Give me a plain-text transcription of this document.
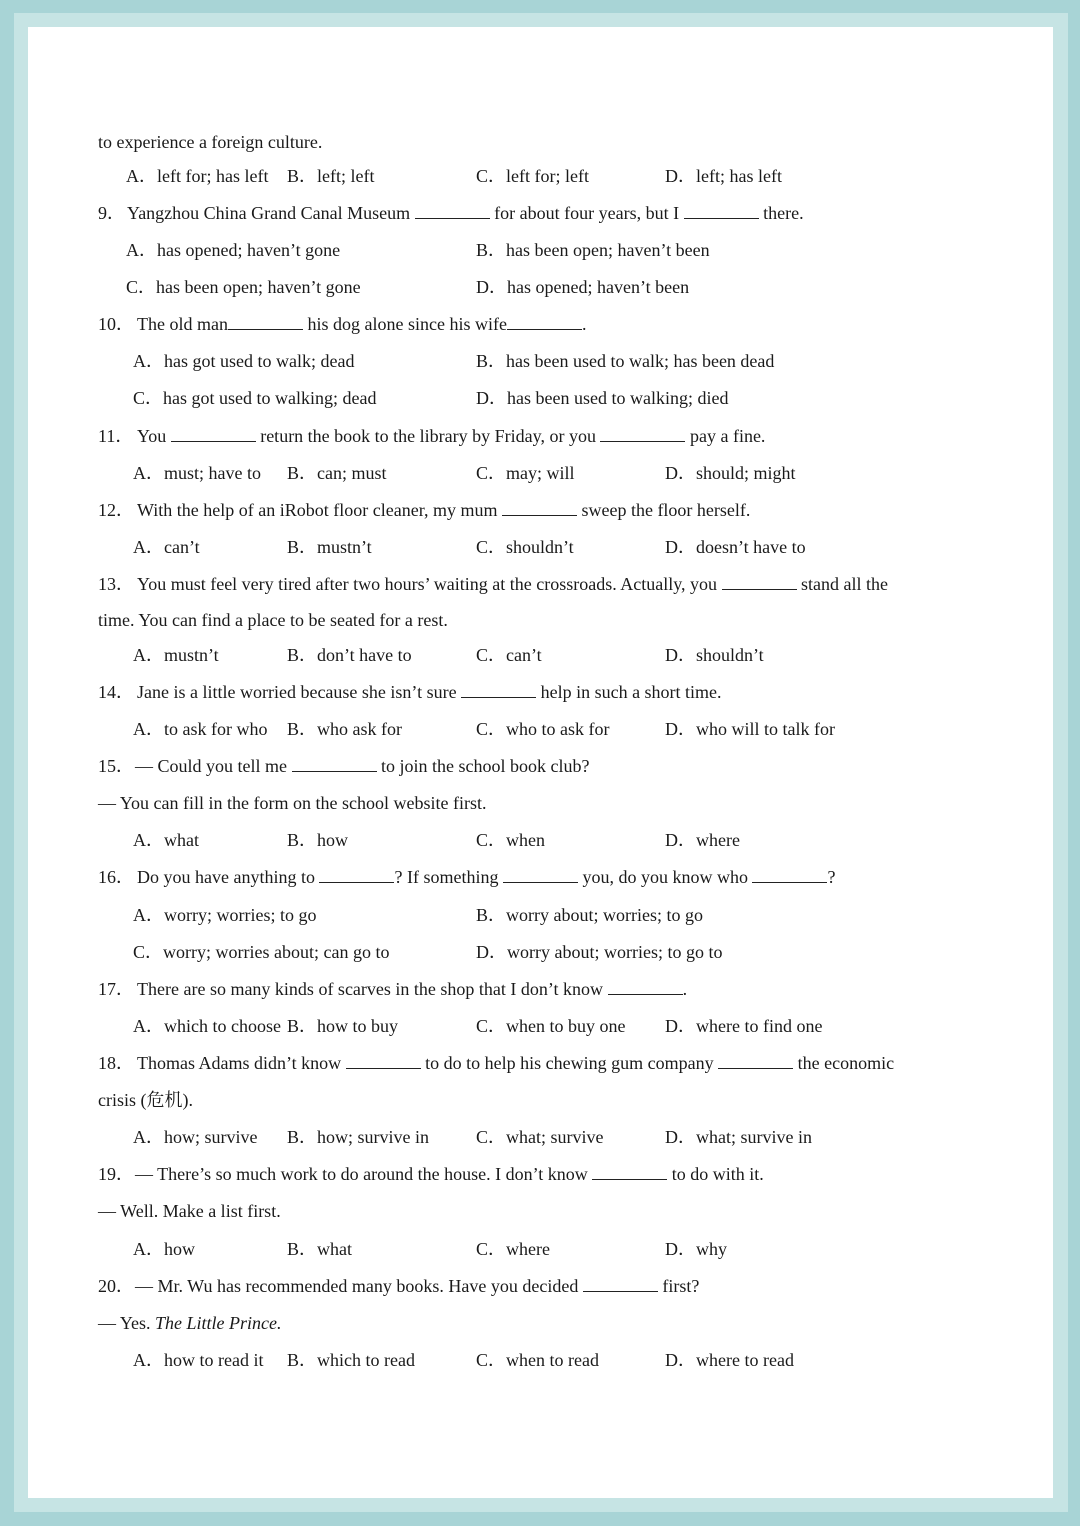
to experience a foreign culture.
A．left for; has left B．left; left	C．left for; left	D．left; has left
9． Yangzhou China Grand Canal Museum	for about four years, but I	there.
A．has opened; haven’t gone	B．has been open; haven’t been
C．has been open; haven’t gone	D．has opened; haven’t been
10． The old man	his dog alone since his wife	.
A．has got used to walk; dead	B．has been used to walk; has been dead
C．has got used to walking; dead	D．has been used to walking; died
11． You	return the book to the library by Friday, or you	pay a fine.
A．must; have to B．can; must	C．may; will	D．should; might
12． With the help of an iRobot floor cleaner, my mum	sweep the floor herself.
A．can’t	B．mustn’t	C．shouldn’t	D．doesn’t have to
13． You must feel very tired after two hours’ waiting at the crossroads. Actually, you	stand all the
time. You can find a place to be seated for a rest.
A．mustn’t	B．don’t have to	C．can’t	D．shouldn’t
14． Jane is a little worried because she isn’t sure	help in such a short time.
A．to ask for who B．who ask for	C．who to ask for	D．who will to talk for
15． — Could you tell me	to join the school book club?
— You can fill in the form on the school website first.
A．what	B．how	C．when	D．where
16． Do you have anything to	? If something	you, do you know who	?
A．worry; worries; to go	B．worry about; worries; to go
C．worry; worries about; can go to	D．worry about; worries; to go to
17． There are so many kinds of scarves in the shop that I don’t know	.
A．which to choose B．how to buy	C．when to buy one D．where to find one
18． Thomas Adams didn’t know	to do to help his chewing gum company	the economic
crisis (危机).
A．how; survive B．how; survive in	C．what; survive	D．what; survive in
19． — There’s so much work to do around the house. I don’t know	to do with it.
— Well. Make a list first.
A．how	B．what	C．where	D．why
20． — Mr. Wu has recommended many books. Have you decided	first?
— Yes. The Little Prince.
A．how to read it B．which to read	C．when to read	D．where to read
